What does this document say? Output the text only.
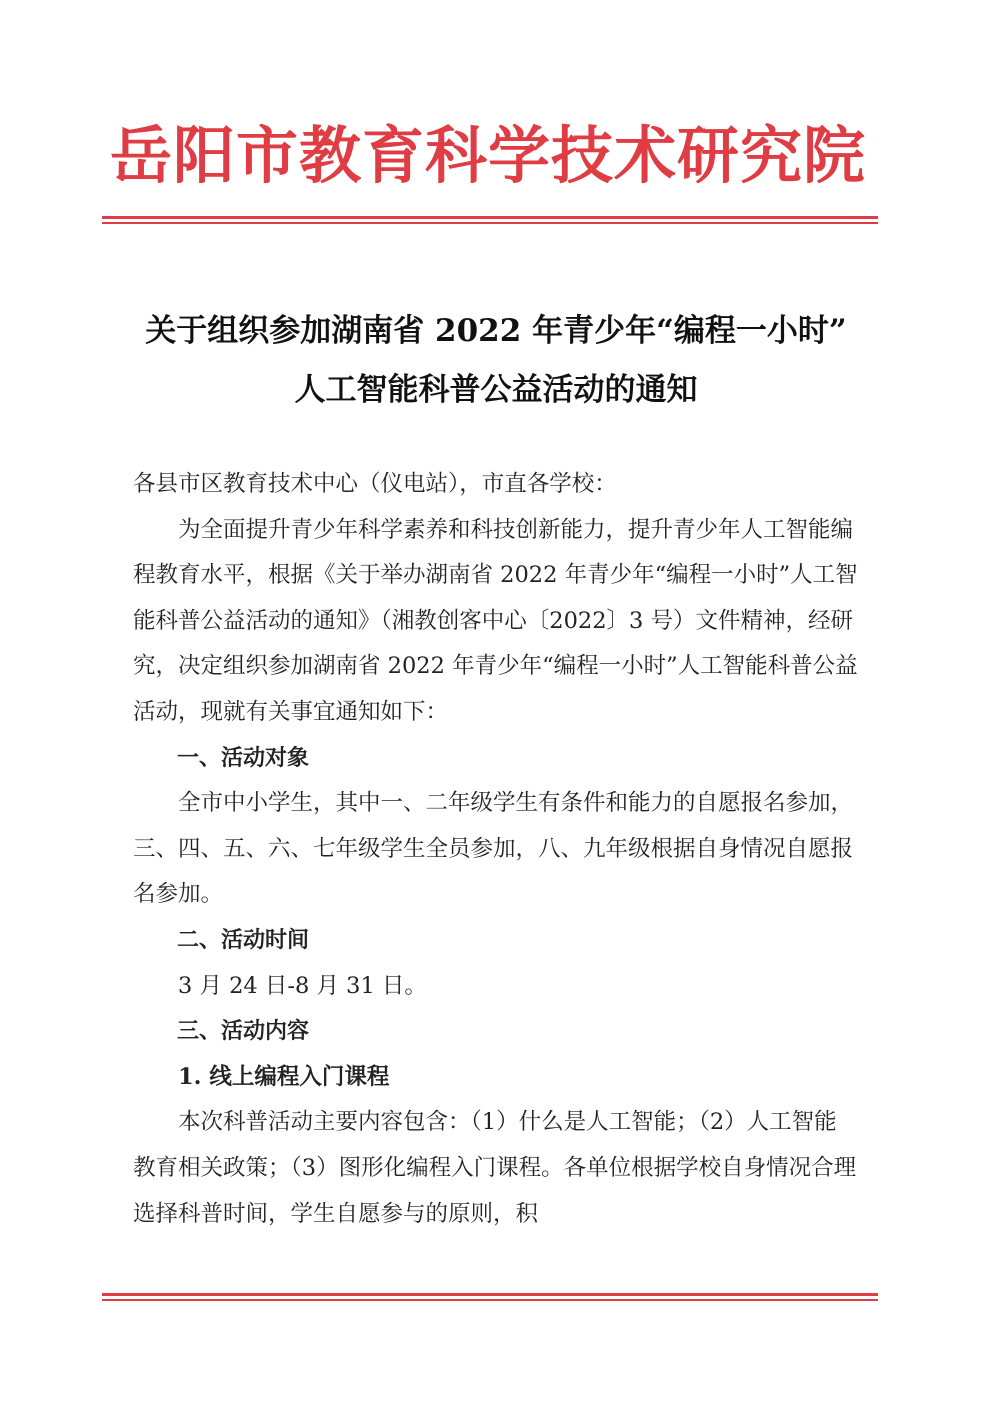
岳阳市教育科学技术研究院
关于组织参加湖南省 2022 年青少年“编程一小时”
人工智能科普公益活动的通知

各县市区教育技术中心（仪电站），市直各学校：

为全面提升青少年科学素养和科技创新能力，提升青少年人工智能编程教育水平，根据《关于举办湖南省 2022 年青少年“编程一小时”人工智能科普公益活动的通知》（湘教创客中心〔2022〕3 号）文件精神，经研究，决定组织参加湖南省 2022 年青少年“编程一小时”人工智能科普公益活动，现就有关事宜通知如下：

一、活动对象

全市中小学生，其中一、二年级学生有条件和能力的自愿报名参加，三、四、五、六、七年级学生全员参加，八、九年级根据自身情况自愿报名参加。

二、活动时间

3 月 24 日-8 月 31 日。

三、活动内容

1. 线上编程入门课程

本次科普活动主要内容包含：（1）什么是人工智能；（2）人工智能教育相关政策；（3）图形化编程入门课程。各单位根据学校自身情况合理选择科普时间，学生自愿参与的原则，积
